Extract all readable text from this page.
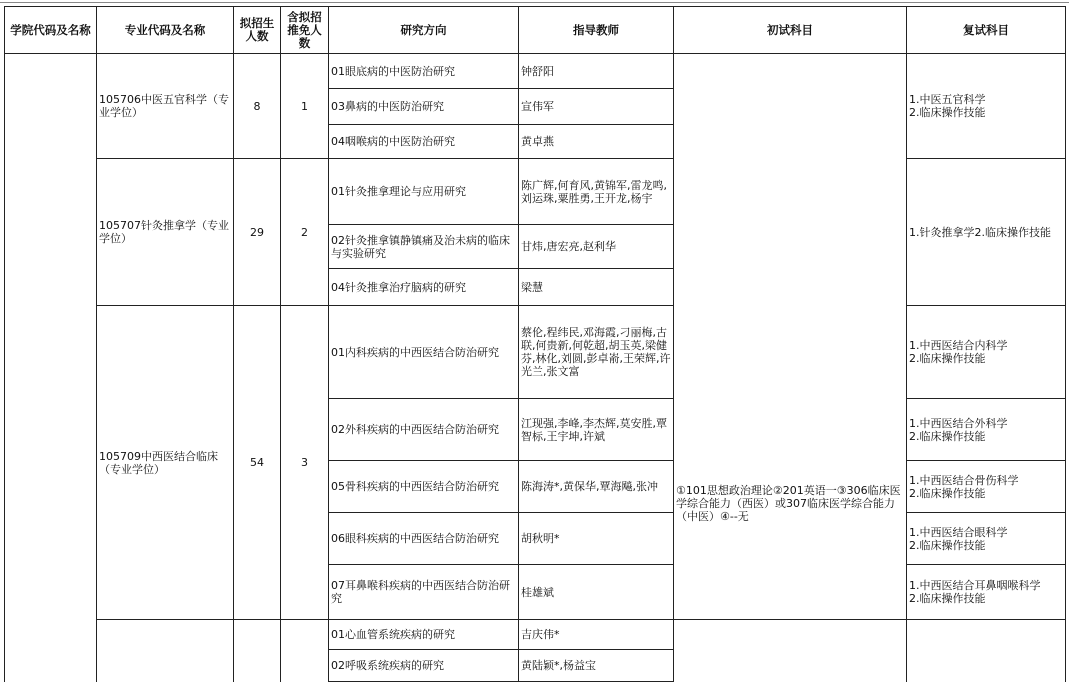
学院代码及名称	专业代码及名称	拟招生人数	含拟招推免人数	研究方向	指导教师	初试科目	复试科目
	105706中医五官科学（专业学位）	8	1	01眼底病的中医防治研究	钟舒阳	①101思想政治理论②201英语一③306临床医学综合能力（西医）或307临床医学综合能力（中医）④--无	1.中医五官科学
2.临床操作技能

				03鼻病的中医防治研究	宣伟军		
				04咽喉病的中医防治研究	黄卓燕		
	105707针灸推拿学（专业学位）	29	2	01针灸推拿理论与应用研究	陈广辉,何育风,黄锦军,雷龙鸣,刘运珠,粟胜勇,王开龙,杨宇		1.针灸推拿学2.临床操作技能

				02针灸推拿镇静镇痛及治未病的临床与实验研究	甘炜,唐宏亮,赵利华		
				04针灸推拿治疗脑病的研究	梁慧		
	105709中西医结合临床（专业学位）	54	3	01内科疾病的中西医结合防治研究	蔡伦,程纬民,邓海霞,刁丽梅,古联,何贵新,何乾超,胡玉英,梁健芬,林化,刘圆,彭卓嵛,王荣辉,许光兰,张文富		1.中西医结合内科学
2.临床操作技能

				02外科疾病的中西医结合防治研究	江现强,李峰,李杰辉,莫安胜,覃智标,王宇坤,许斌		1.中西医结合外科学
2.临床操作技能

				05骨科疾病的中西医结合防治研究	陈海涛*,黄保华,覃海飚,张冲		1.中西医结合骨伤科学
2.临床操作技能

				06眼科疾病的中西医结合防治研究	胡秋明*		1.中西医结合眼科学
2.临床操作技能

				07耳鼻喉科疾病的中西医结合防治研究	桂雄斌		1.中西医结合耳鼻咽喉科学
2.临床操作技能

				01心血管系统疾病的研究	吉庆伟*		
				02呼吸系统疾病的研究	黄陆颖*,杨益宝		
